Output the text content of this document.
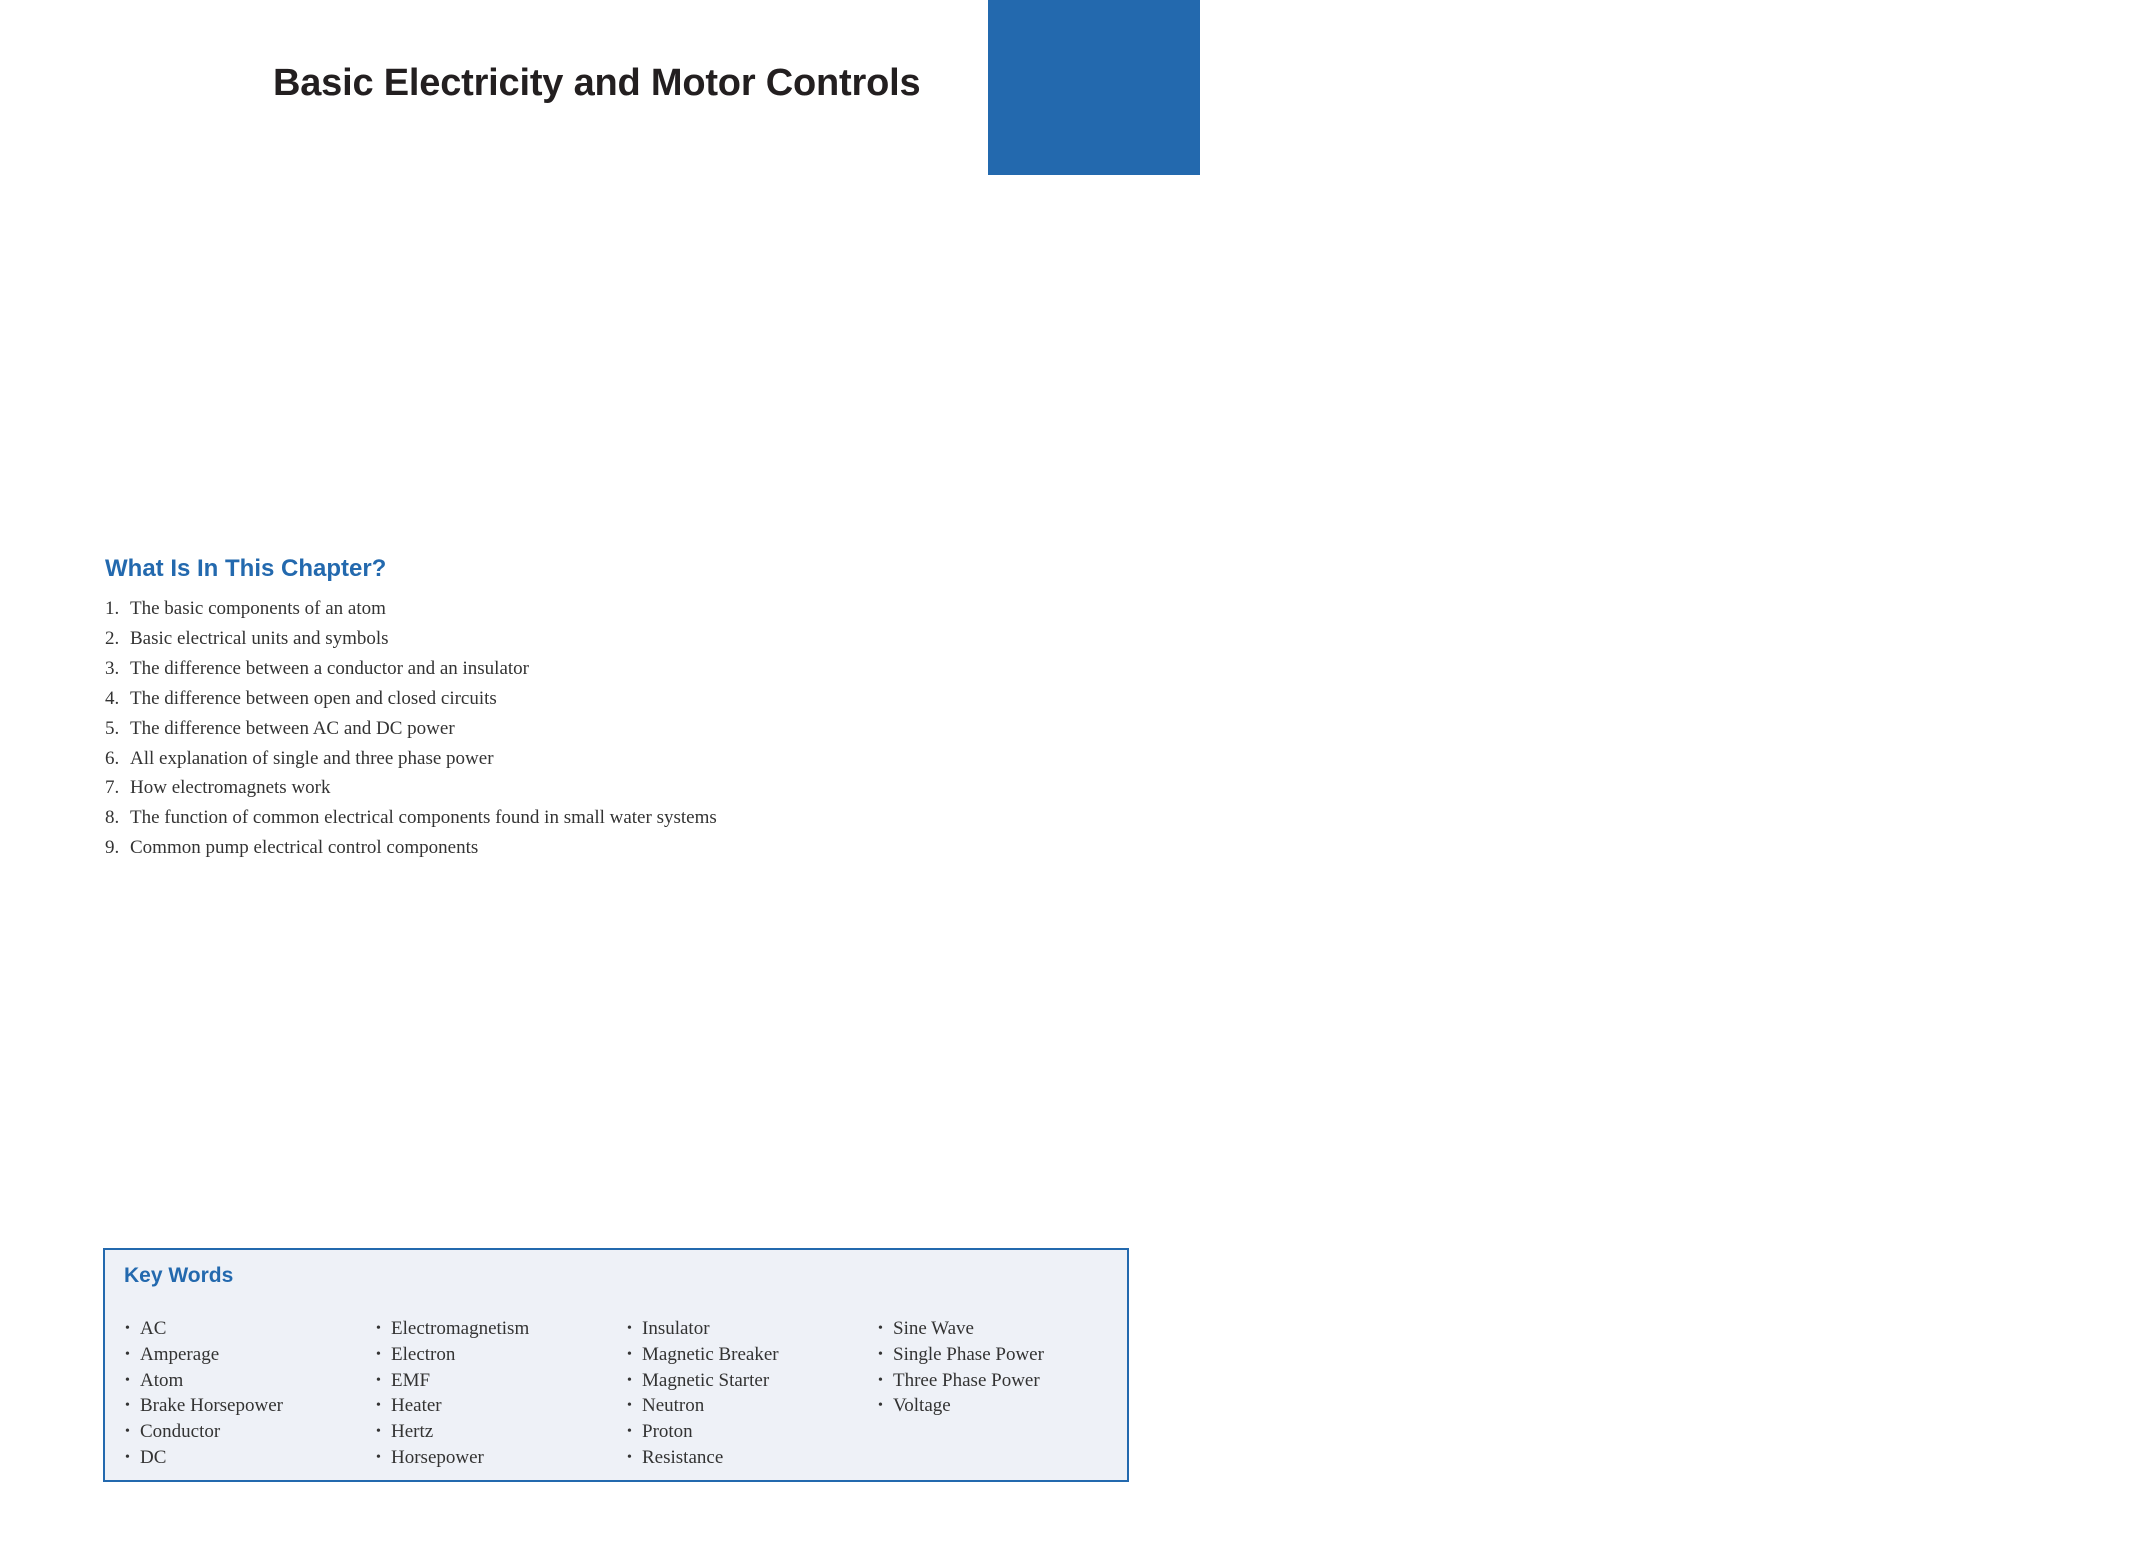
Chapter 7
Basic Electricity and Motor Controls
What Is In This Chapter?
1. The basic components of an atom
2. Basic electrical units and symbols
3. The difference between a conductor and an insulator
4. The difference between open and closed circuits
5. The difference between AC and DC power
6. All explanation of single and three phase power
7. How electromagnets work
8. The function of common electrical components found in small water systems
9. Common pump electrical control components
Key Words
• AC
• Amperage
• Atom
• Brake Horsepower
• Conductor
• DC
• Electromagnetism
• Electron
• EMF
• Heater
• Hertz
• Horsepower
• Insulator
• Magnetic Breaker
• Magnetic Starter
• Neutron
• Proton
• Resistance
• Sine Wave
• Single Phase Power
• Three Phase Power
• Voltage
